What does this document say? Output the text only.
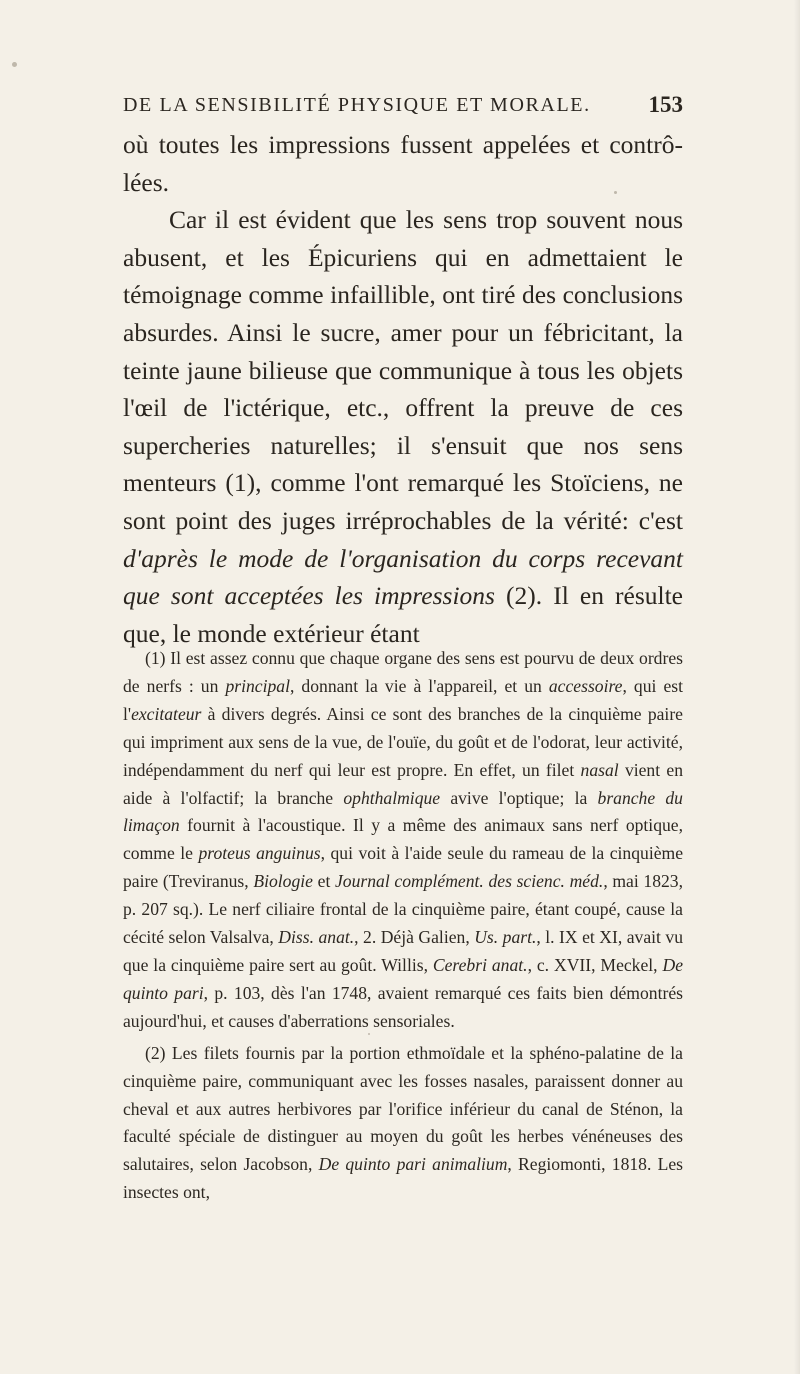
DE LA SENSIBILITÉ PHYSIQUE ET MORALE.	153

où toutes les impressions fussent appelées et contrô-lées.

Car il est évident que les sens trop souvent nous abusent, et les Épicuriens qui en admettaient le témoignage comme infaillible, ont tiré des conclusions absurdes. Ainsi le sucre, amer pour un fébricitant, la teinte jaune bilieuse que communique à tous les objets l'œil de l'ictérique, etc., offrent la preuve de ces supercheries naturelles; il s'ensuit que nos sens menteurs (1), comme l'ont remarqué les Stoïciens, ne sont point des juges irréprochables de la vérité: c'est d'après le mode de l'organisation du corps recevant que sont acceptées les impressions (2). Il en résulte que, le monde extérieur étant

(1) Il est assez connu que chaque organe des sens est pourvu de deux ordres de nerfs : un principal, donnant la vie à l'appareil, et un accessoire, qui est l'excitateur à divers degrés. Ainsi ce sont des branches de la cinquième paire qui impriment aux sens de la vue, de l'ouïe, du goût et de l'odorat, leur activité, indépendamment du nerf qui leur est propre. En effet, un filet nasal vient en aide à l'olfactif; la branche ophthalmique avive l'optique; la branche du limaçon fournit à l'acoustique. Il y a même des animaux sans nerf optique, comme le proteus anguinus, qui voit à l'aide seule du rameau de la cinquième paire (Treviranus, Biologie et Journal complément. des scienc. méd., mai 1823, p. 207 sq.). Le nerf ciliaire frontal de la cinquième paire, étant coupé, cause la cécité selon Valsalva, Diss. anat., 2. Déjà Galien, Us. part., l. IX et XI, avait vu que la cinquième paire sert au goût. Willis, Cerebri anat., c. XVII, Meckel, De quinto pari, p. 103, dès l'an 1748, avaient remarqué ces faits bien démontrés aujourd'hui, et causes d'aberrations sensoriales.

(2) Les filets fournis par la portion ethmoïdale et la sphéno-palatine de la cinquième paire, communiquant avec les fosses nasales, paraissent donner au cheval et aux autres herbivores par l'orifice inférieur du canal de Sténon, la faculté spéciale de distinguer au moyen du goût les herbes vénéneuses des salutaires, selon Jacobson, De quinto pari animalium, Regiomonti, 1818. Les insectes ont,
